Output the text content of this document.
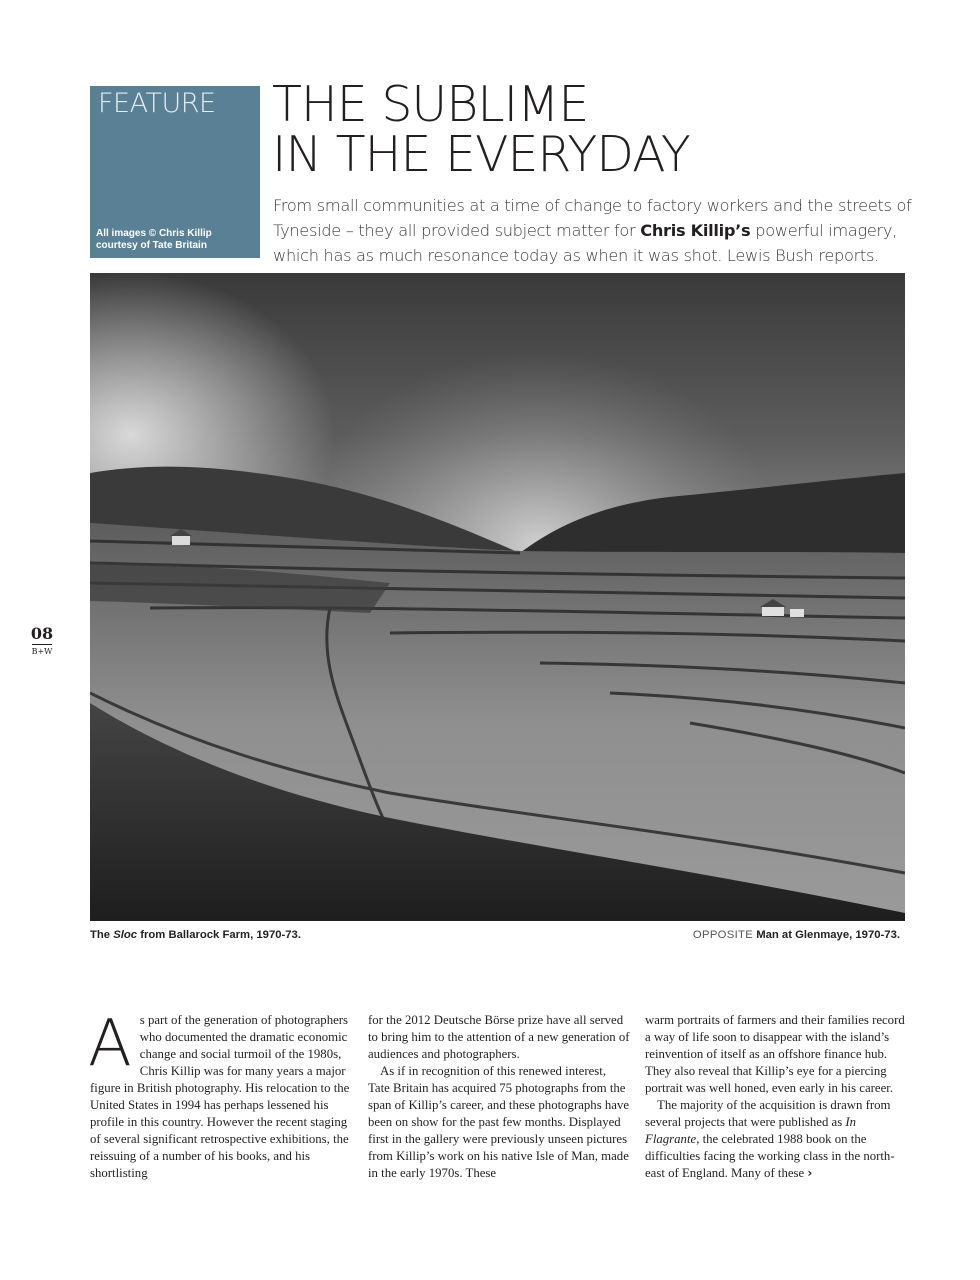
FEATURE
All images © Chris Killip
courtesy of Tate Britain
THE SUBLIME
IN THE EVERYDAY

From small communities at a time of change to factory workers and the streets of Tyneside – they all provided subject matter for Chris Killip’s powerful imagery, which has as much resonance today as when it was shot. Lewis Bush reports.

The Sloc from Ballarock Farm, 1970-73.	OPPOSITE Man at Glenmaye, 1970-73.
08
B+W
A s part of the generation of photographers who documented the dramatic economic change and social turmoil of the 1980s, Chris Killip was for many years a major figure in British photography. His relocation to the United States in 1994 has perhaps lessened his profile in this country. However the recent staging of several significant retrospective exhibitions, the reissuing of a number of his books, and his shortlisting

for the 2012 Deutsche Börse prize have all served to bring him to the attention of a new generation of audiences and photographers.

As if in recognition of this renewed interest, Tate Britain has acquired 75 photographs from the span of Killip’s career, and these photographs have been on show for the past few months. Displayed first in the gallery were previously unseen pictures from Killip’s work on his native Isle of Man, made in the early 1970s. These

warm portraits of farmers and their families record a way of life soon to disappear with the island’s reinvention of itself as an offshore finance hub. They also reveal that Killip’s eye for a piercing portrait was well honed, even early in his career.

The majority of the acquisition is drawn from several projects that were published as In Flagrante, the celebrated 1988 book on the difficulties facing the working class in the north-east of England. Many of these ›
